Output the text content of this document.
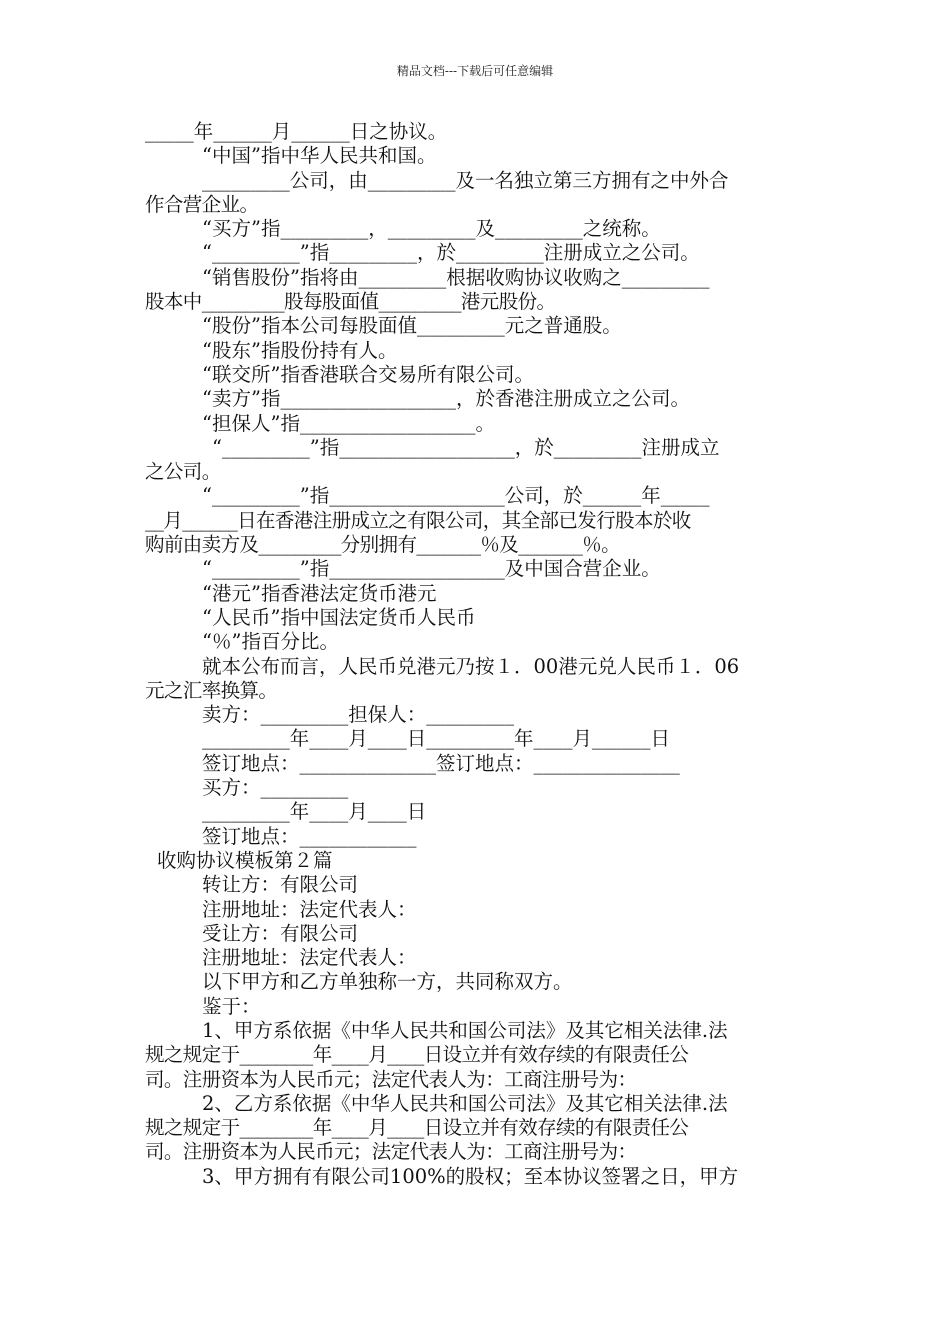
精品文档---下载后可任意编辑
_____年______月______日之协议。
“中国”指中华人民共和国。
_________公司，由_________及一名独立第三方拥有之中外合
作合营企业。
“买方”指_________，_________及_________之统称。
“_________”指_________，於_________注册成立之公司。
“销售股份”指将由_________根据收购协议收购之_________
股本中_________股每股面值_________港元股份。
“股份”指本公司每股面值_________元之普通股。
“股东”指股份持有人。
“联交所”指香港联合交易所有限公司。
“卖方”指__________________，於香港注册成立之公司。
“担保人”指__________________。
“_________”指__________________，於_________注册成立
之公司。
“_________”指__________________公司，於______年_____
__月______日在香港注册成立之有限公司，其全部已发行股本於收
购前由卖方及_________分别拥有_______％及_______％。
“_________”指__________________及中国合营企业。
“港元”指香港法定货币港元
“人民币”指中国法定货币人民币
“％”指百分比。
就本公布而言，人民币兑港元乃按１．00港元兑人民币１．06
元之汇率换算。
卖方：_________担保人：_________
_________年____月____日_________年____月______日
签订地点：______________签订地点：_______________
买方：_________
_________年____月____日
签订地点：____________
收购协议模板第２篇
转让方：有限公司
注册地址：法定代表人：
受让方：有限公司
注册地址：法定代表人：
以下甲方和乙方单独称一方，共同称双方。
鉴于：
1、甲方系依据《中华人民共和国公司法》及其它相关法律.法
规之规定于________年____月____日设立并有效存续的有限责任公
司。注册资本为人民币元；法定代表人为：工商注册号为：
2、乙方系依据《中华人民共和国公司法》及其它相关法律.法
规之规定于________年____月____日设立并有效存续的有限责任公
司。注册资本为人民币元；法定代表人为：工商注册号为：
3、甲方拥有有限公司100%的股权；至本协议签署之日，甲方
